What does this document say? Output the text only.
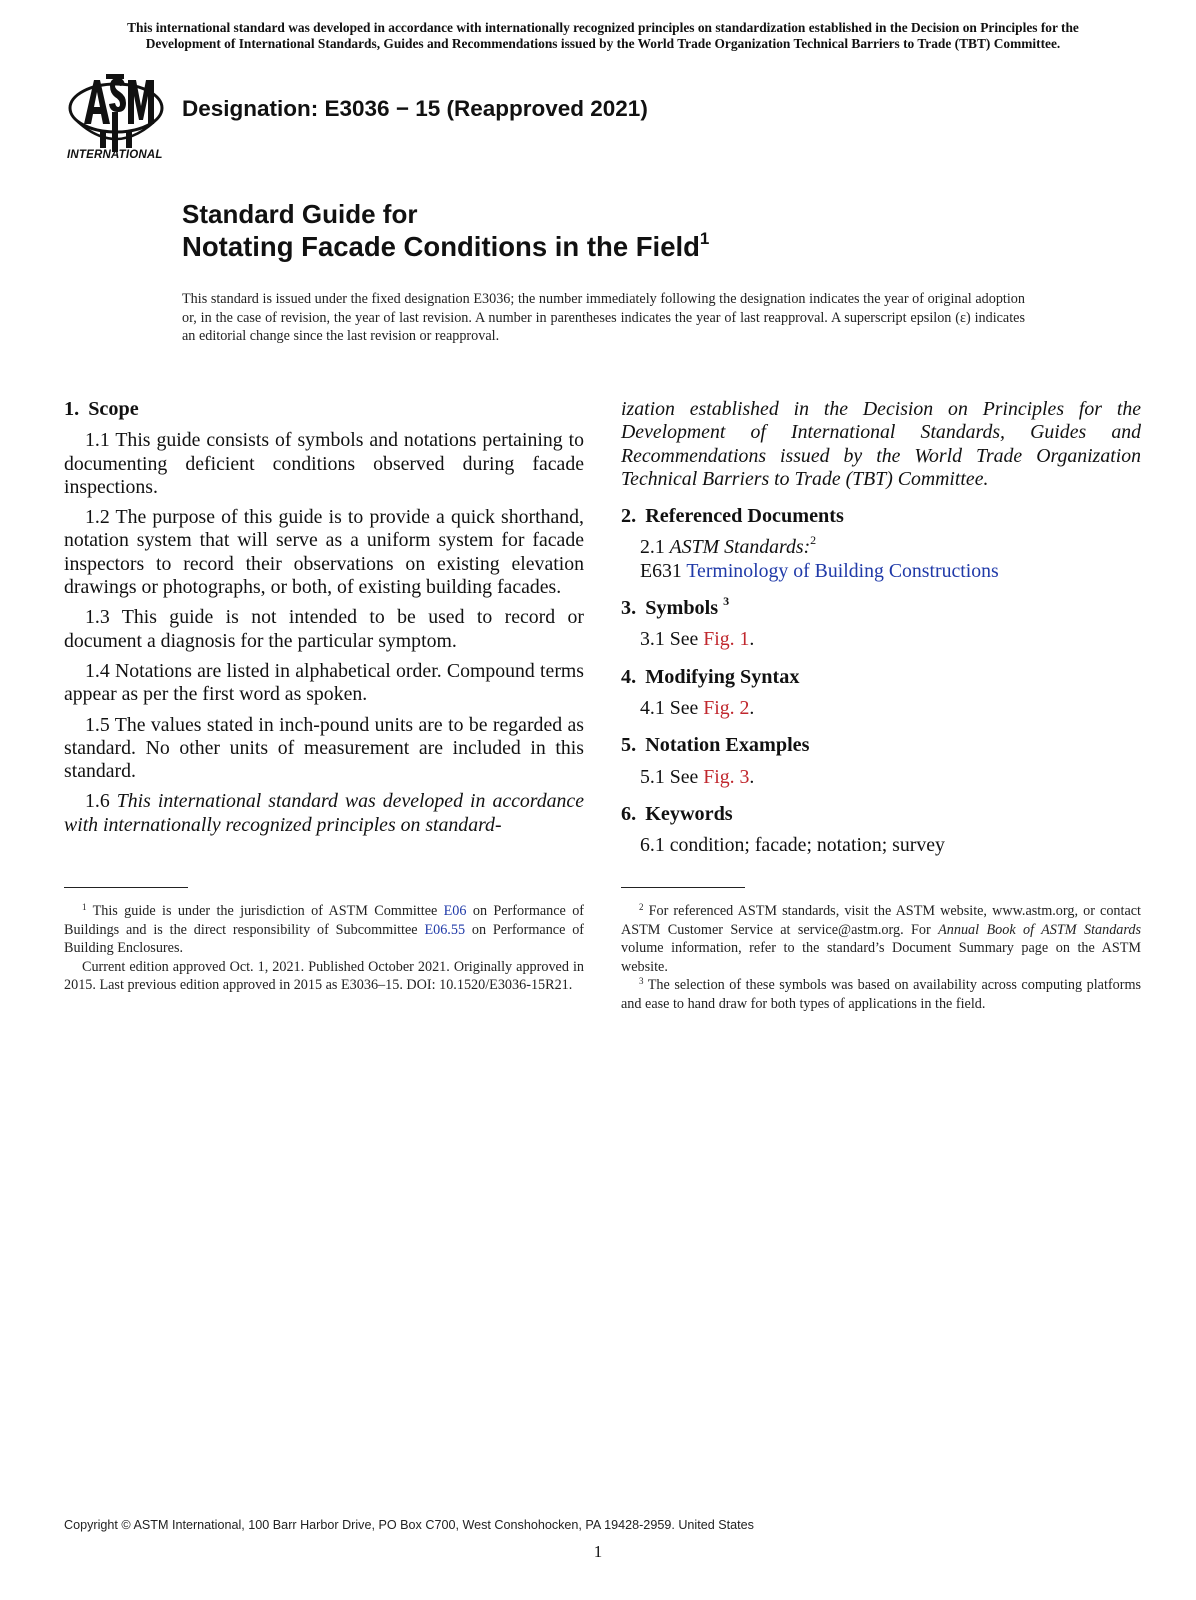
This international standard was developed in accordance with internationally recognized principles on standardization established in the Decision on Principles for the
Development of International Standards, Guides and Recommendations issued by the World Trade Organization Technical Barriers to Trade (TBT) Committee.
INTERNATIONAL
Designation: E3036 − 15 (Reapproved 2021)
Standard Guide for
Notating Facade Conditions in the Field$^1$
This standard is issued under the fixed designation E3036; the number immediately following the designation indicates the year of original adoption or, in the case of revision, the year of last revision. A number in parentheses indicates the year of last reapproval. A superscript epsilon (ε) indicates an editorial change since the last revision or reapproval.
1. Scope

1.1 This guide consists of symbols and notations pertaining to documenting deficient conditions observed during facade inspections.

1.2 The purpose of this guide is to provide a quick shorthand, notation system that will serve as a uniform system for facade inspectors to record their observations on existing elevation drawings or photographs, or both, of existing building facades.

1.3 This guide is not intended to be used to record or document a diagnosis for the particular symptom.

1.4 Notations are listed in alphabetical order. Compound terms appear as per the first word as spoken.

1.5 The values stated in inch-pound units are to be regarded as standard. No other units of measurement are included in this standard.

1.6 This international standard was developed in accordance with internationally recognized principles on standard-

ization established in the Decision on Principles for the Development of International Standards, Guides and Recommendations issued by the World Trade Organization Technical Barriers to Trade (TBT) Committee.

2. Referenced Documents
2.1 ASTM Standards:$^2$
E631 Terminology of Building Constructions
3. Symbols $^3$
3.1 See Fig. 1.
4. Modifying Syntax
4.1 See Fig. 2.
5. Notation Examples
5.1 See Fig. 3.
6. Keywords
6.1 condition; facade; notation; survey

$^1$ This guide is under the jurisdiction of ASTM Committee E06 on Performance of Buildings and is the direct responsibility of Subcommittee E06.55 on Performance of Building Enclosures.

Current edition approved Oct. 1, 2021. Published October 2021. Originally approved in 2015. Last previous edition approved in 2015 as E3036–15. DOI: 10.1520/E3036-15R21.

$^2$ For referenced ASTM standards, visit the ASTM website, www.astm.org, or contact ASTM Customer Service at service@astm.org. For Annual Book of ASTM Standards volume information, refer to the standard’s Document Summary page on the ASTM website.

$^3$ The selection of these symbols was based on availability across computing platforms and ease to hand draw for both types of applications in the field.

Copyright © ASTM International, 100 Barr Harbor Drive, PO Box C700, West Conshohocken, PA 19428-2959. United States
1
